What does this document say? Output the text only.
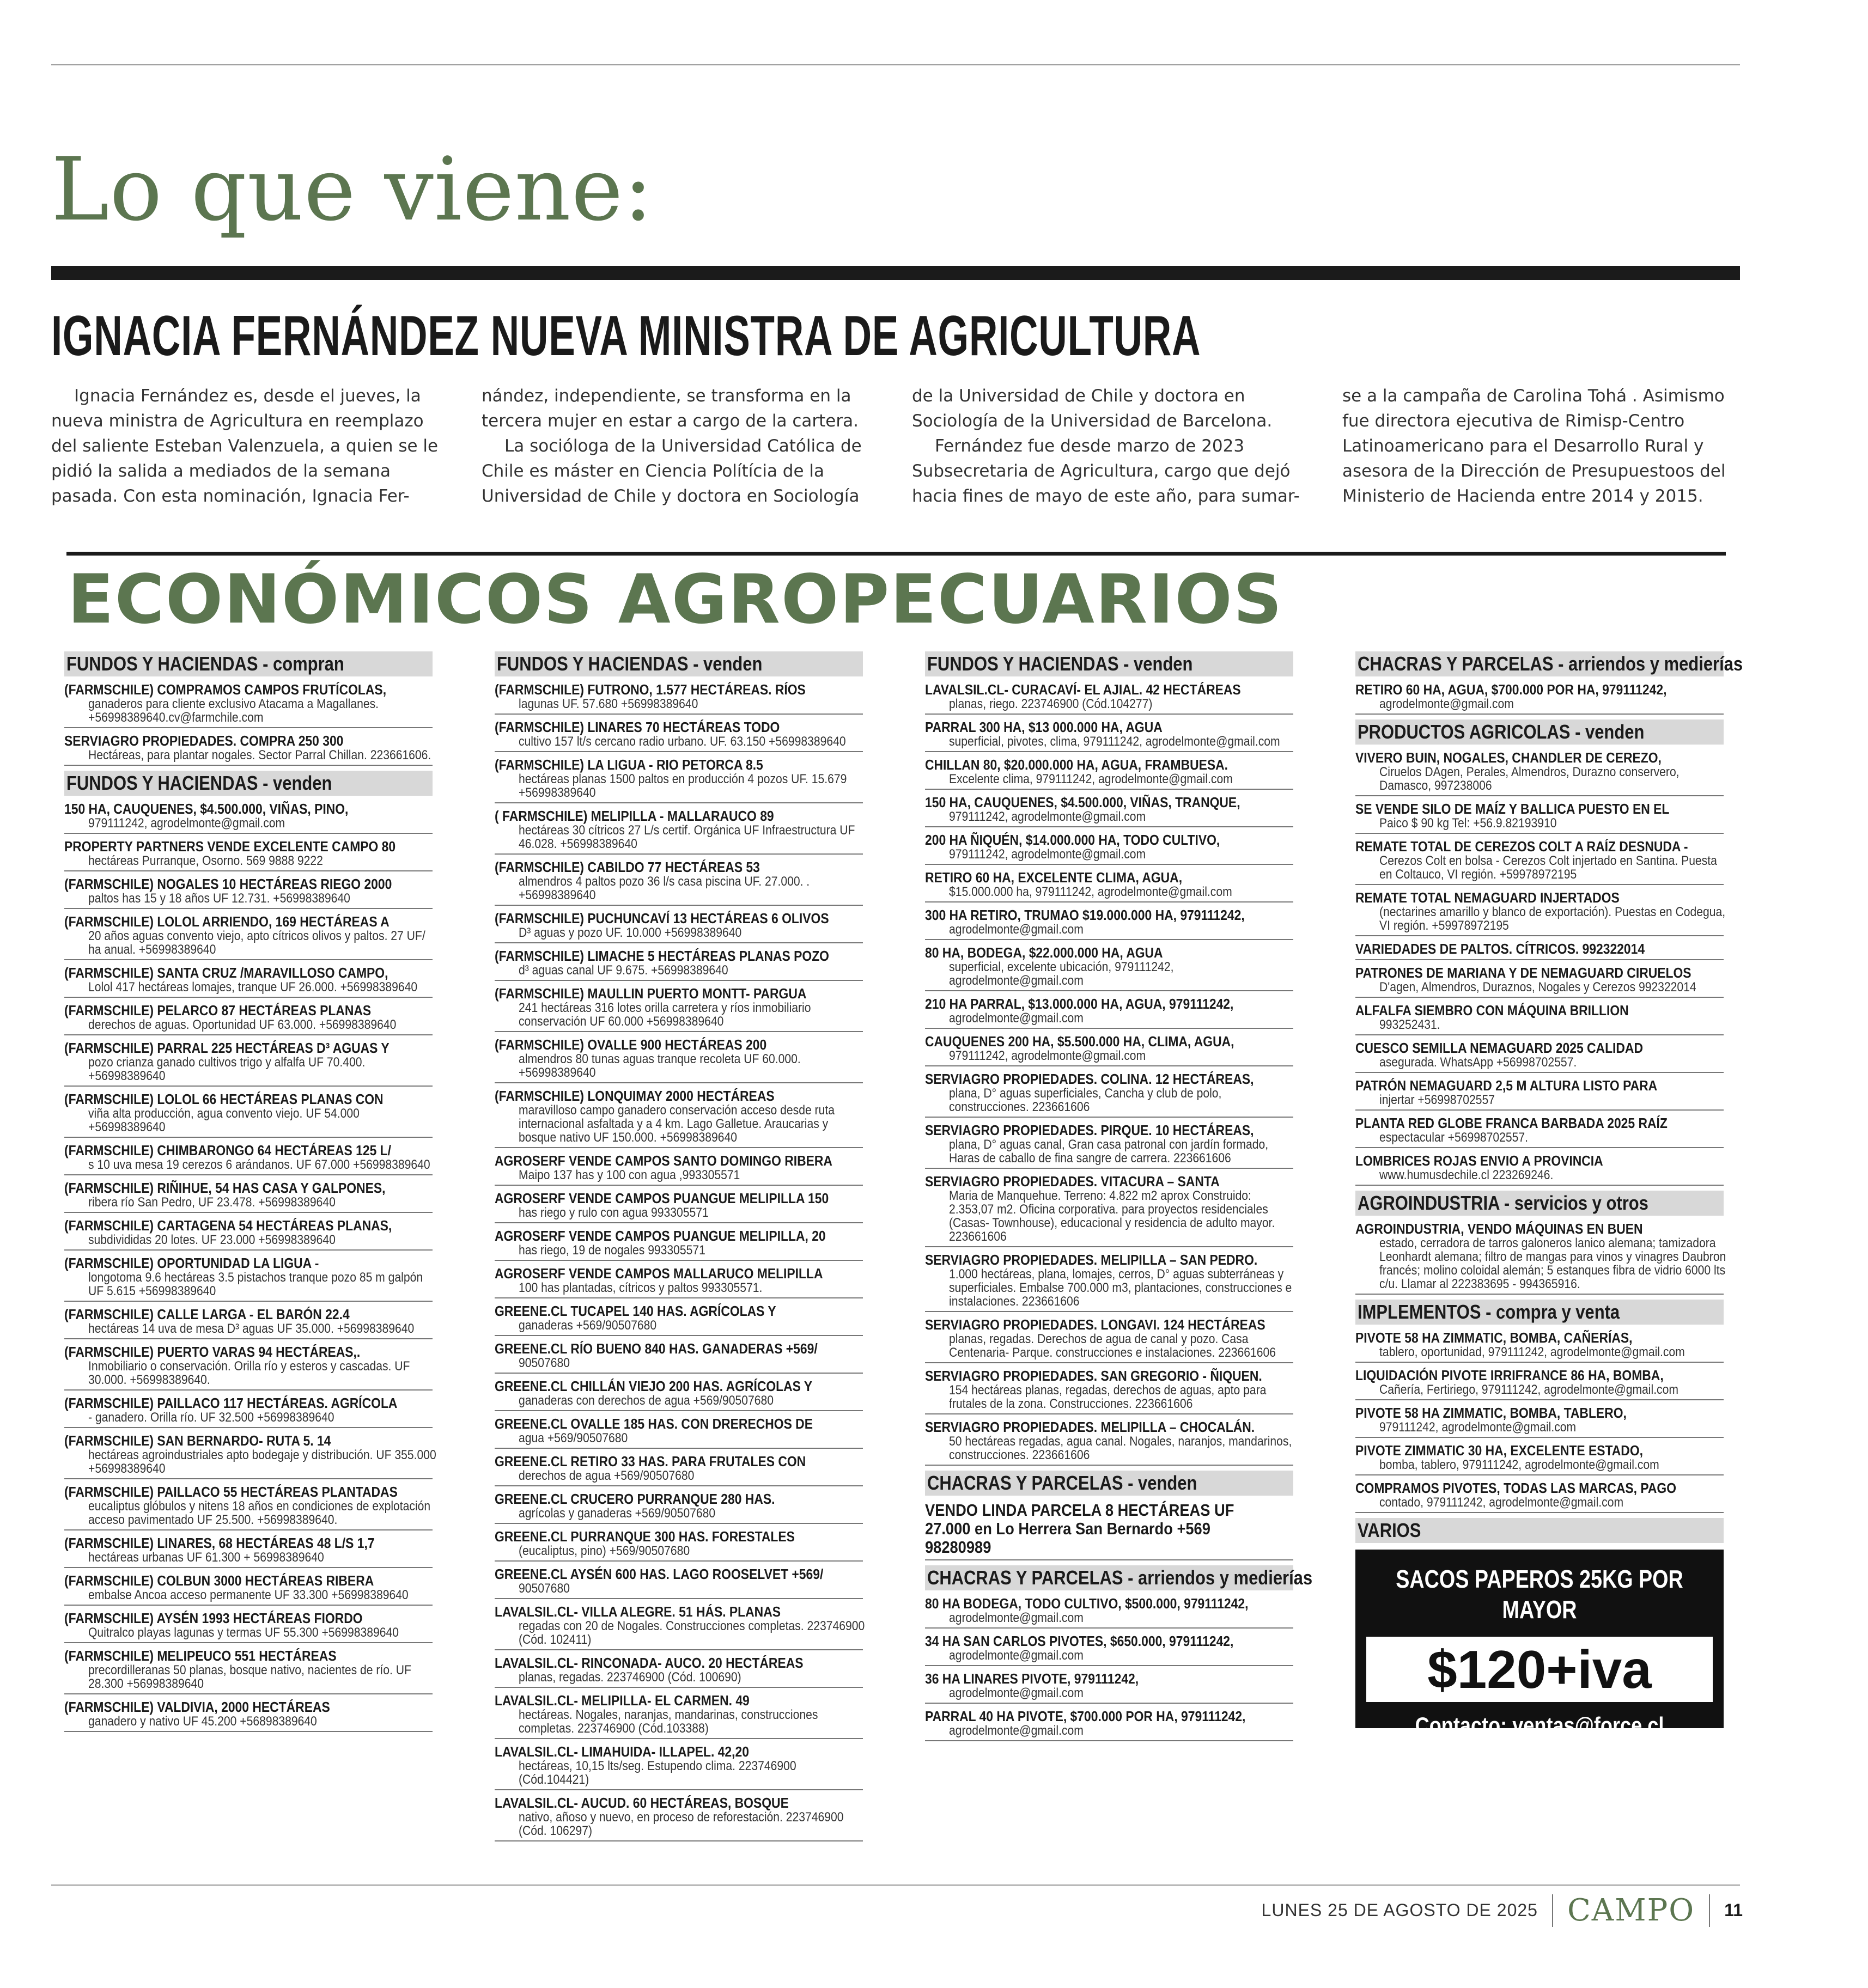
Lo que viene:
IGNACIA FERNÁNDEZ NUEVA MINISTRA DE AGRICULTURA

Ignacia Fernández es, desde el jueves, la nueva ministra de Agricultura en reemplazo del saliente Esteban Valenzuela, a quien se le pidió la salida a mediados de la semana pasada. Con esta nominación, Ignacia Fer-

nández, independiente, se transforma en la tercera mujer en estar a cargo de la cartera.

La socióloga de la Universidad Católica de Chile es máster en Ciencia Polítícia de la Universidad de Chile y doctora en Sociología

de la Universidad de Chile y doctora en Sociología de la Universidad de Barcelona.

Fernández fue desde marzo de 2023 Subsecretaria de Agricultura, cargo que dejó hacia fines de mayo de este año, para sumar-

se a la campaña de Carolina Tohá . Asimismo fue directora ejecutiva de Rimisp-Centro Latinoamericano para el Desarrollo Rural y asesora de la Dirección de Presupuestoos del Ministerio de Hacienda entre 2014 y 2015.

ECONÓMICOS AGROPECUARIOS
FUNDOS Y HACIENDAS - compran
(FARMSCHILE) COMPRAMOS CAMPOS FRUTÍCOLAS,
ganaderos para cliente exclusivo Atacama a Magallanes. +56998389640.cv@farmchile.com
SERVIAGRO PROPIEDADES. COMPRA 250 300
Hectáreas, para plantar nogales. Sector Parral Chillan. 223661606.
FUNDOS Y HACIENDAS - venden
150 HA, CAUQUENES, $4.500.000, VIÑAS, PINO,
979111242, agrodelmonte@gmail.com
PROPERTY PARTNERS VENDE EXCELENTE CAMPO 80
hectáreas Purranque, Osorno. 569 9888 9222
(FARMSCHILE) NOGALES 10 HECTÁREAS RIEGO 2000
paltos has 15 y 18 años UF 12.731. +56998389640
(FARMSCHILE) LOLOL ARRIENDO, 169 HECTÁREAS A
20 años aguas convento viejo, apto cítricos olivos y paltos. 27 UF/ ha anual. +56998389640
(FARMSCHILE) SANTA CRUZ /MARAVILLOSO CAMPO,
Lolol 417 hectáreas lomajes, tranque UF 26.000. +56998389640
(FARMSCHILE) PELARCO 87 HECTÁREAS PLANAS
derechos de aguas. Oportunidad UF 63.000. +56998389640
(FARMSCHILE) PARRAL 225 HECTÁREAS D³ AGUAS Y
pozo crianza ganado cultivos trigo y alfalfa UF 70.400. +56998389640
(FARMSCHILE) LOLOL 66 HECTÁREAS PLANAS CON
viña alta producción, agua convento viejo. UF 54.000 +56998389640
(FARMSCHILE) CHIMBARONGO 64 HECTÁREAS 125 L/
s 10 uva mesa 19 cerezos 6 arándanos. UF 67.000 +56998389640
(FARMSCHILE) RIÑIHUE, 54 HAS CASA Y GALPONES,
ribera río San Pedro, UF 23.478. +56998389640
(FARMSCHILE) CARTAGENA 54 HECTÁREAS PLANAS,
subdivididas 20 lotes. UF 23.000 +56998389640
(FARMSCHILE) OPORTUNIDAD LA LIGUA -
longotoma 9.6 hectáreas 3.5 pistachos tranque pozo 85 m galpón UF 5.615 +56998389640
(FARMSCHILE) CALLE LARGA - EL BARÓN 22.4
hectáreas 14 uva de mesa D³ aguas UF 35.000. +56998389640
(FARMSCHILE) PUERTO VARAS 94 HECTÁREAS,.
Inmobiliario o conservación. Orilla río y esteros y cascadas. UF 30.000. +56998389640.
(FARMSCHILE) PAILLACO 117 HECTÁREAS. AGRÍCOLA
- ganadero. Orilla río. UF 32.500 +56998389640
(FARMSCHILE) SAN BERNARDO- RUTA 5. 14
hectáreas agroindustriales apto bodegaje y distribución. UF 355.000 +56998389640
(FARMSCHILE) PAILLACO 55 HECTÁREAS PLANTADAS
eucaliptus glóbulos y nitens 18 años en condiciones de explotación acceso pavimentado UF 25.500. +56998389640.
(FARMSCHILE) LINARES, 68 HECTÁREAS 48 L/S 1,7
hectáreas urbanas UF 61.300 + 56998389640
(FARMSCHILE) COLBUN 3000 HECTÁREAS RIBERA
embalse Ancoa acceso permanente UF 33.300 +56998389640
(FARMSCHILE) AYSÉN 1993 HECTÁREAS FIORDO
Quitralco playas lagunas y termas UF 55.300 +56998389640
(FARMSCHILE) MELIPEUCO 551 HECTÁREAS
precordilleranas 50 planas, bosque nativo, nacientes de río. UF 28.300 +56998389640
(FARMSCHILE) VALDIVIA, 2000 HECTÁREAS
ganadero y nativo UF 45.200 +56898389640
FUNDOS Y HACIENDAS - venden
(FARMSCHILE) FUTRONO, 1.577 HECTÁREAS. RÍOS
lagunas UF. 57.680 +56998389640
(FARMSCHILE) LINARES 70 HECTÁREAS TODO
cultivo 157 lt/s cercano radio urbano. UF. 63.150 +56998389640
(FARMSCHILE) LA LIGUA - RIO PETORCA 8.5
hectáreas planas 1500 paltos en producción 4 pozos UF. 15.679 +56998389640
( FARMSCHILE) MELIPILLA - MALLARAUCO 89
hectáreas 30 cítricos 27 L/s certif. Orgánica UF Infraestructura UF 46.028. +56998389640
(FARMSCHILE) CABILDO 77 HECTÁREAS 53
almendros 4 paltos pozo 36 l/s casa piscina UF. 27.000. . +56998389640
(FARMSCHILE) PUCHUNCAVÍ 13 HECTÁREAS 6 OLIVOS
D³ aguas y pozo UF. 10.000 +56998389640
(FARMSCHILE) LIMACHE 5 HECTÁREAS PLANAS POZO
d³ aguas canal UF 9.675. +56998389640
(FARMSCHILE) MAULLIN PUERTO MONTT- PARGUA
241 hectáreas 316 lotes orilla carretera y ríos inmobiliario conservación UF 60.000 +56998389640
(FARMSCHILE) OVALLE 900 HECTÁREAS 200
almendros 80 tunas aguas tranque recoleta UF 60.000. +56998389640
(FARMSCHILE) LONQUIMAY 2000 HECTÁREAS
maravilloso campo ganadero conservación acceso desde ruta internacional asfaltada y a 4 km. Lago Galletue. Araucarias y bosque nativo UF 150.000. +56998389640
AGROSERF VENDE CAMPOS SANTO DOMINGO RIBERA
Maipo 137 has y 100 con agua ,993305571
AGROSERF VENDE CAMPOS PUANGUE MELIPILLA 150
has riego y rulo con agua 993305571
AGROSERF VENDE CAMPOS PUANGUE MELIPILLA, 20
has riego, 19 de nogales 993305571
AGROSERF VENDE CAMPOS MALLARUCO MELIPILLA
100 has plantadas, cítricos y paltos 993305571.
GREENE.CL TUCAPEL 140 HAS. AGRÍCOLAS Y
ganaderas +569/90507680
GREENE.CL RÍO BUENO 840 HAS. GANADERAS +569/
90507680
GREENE.CL CHILLÁN VIEJO 200 HAS. AGRÍCOLAS Y
ganaderas con derechos de agua +569/90507680
GREENE.CL OVALLE 185 HAS. CON DRERECHOS DE
agua +569/90507680
GREENE.CL RETIRO 33 HAS. PARA FRUTALES CON
derechos de agua +569/90507680
GREENE.CL CRUCERO PURRANQUE 280 HAS.
agrícolas y ganaderas +569/90507680
GREENE.CL PURRANQUE 300 HAS. FORESTALES
(eucaliptus, pino) +569/90507680
GREENE.CL AYSÉN 600 HAS. LAGO ROOSELVET +569/
90507680
LAVALSIL.CL- VILLA ALEGRE. 51 HÁS. PLANAS
regadas con 20 de Nogales. Construcciones completas. 223746900 (Cód. 102411)
LAVALSIL.CL- RINCONADA- AUCO. 20 HECTÁREAS
planas, regadas. 223746900 (Cód. 100690)
LAVALSIL.CL- MELIPILLA- EL CARMEN. 49
hectáreas. Nogales, naranjas, mandarinas, construcciones completas. 223746900 (Cód.103388)
LAVALSIL.CL- LIMAHUIDA- ILLAPEL. 42,20
hectáreas, 10,15 lts/seg. Estupendo clima. 223746900 (Cód.104421)
LAVALSIL.CL- AUCUD. 60 HECTÁREAS, BOSQUE
nativo, añoso y nuevo, en proceso de reforestación. 223746900 (Cód. 106297)
FUNDOS Y HACIENDAS - venden
LAVALSIL.CL- CURACAVÍ- EL AJIAL. 42 HECTÁREAS
planas, riego. 223746900 (Cód.104277)
PARRAL 300 HA, $13 000.000 HA, AGUA
superficial, pivotes, clima, 979111242, agrodelmonte@gmail.com
CHILLAN 80, $20.000.000 HA, AGUA, FRAMBUESA.
Excelente clima, 979111242, agrodelmonte@gmail.com
150 HA, CAUQUENES, $4.500.000, VIÑAS, TRANQUE,
979111242, agrodelmonte@gmail.com
200 HA ÑIQUÉN, $14.000.000 HA, TODO CULTIVO,
979111242, agrodelmonte@gmail.com
RETIRO 60 HA, EXCELENTE CLIMA, AGUA,
$15.000.000 ha, 979111242, agrodelmonte@gmail.com
300 HA RETIRO, TRUMAO $19.000.000 HA, 979111242,
agrodelmonte@gmail.com
80 HA, BODEGA, $22.000.000 HA, AGUA
superficial, excelente ubicación, 979111242, agrodelmonte@gmail.com
210 HA PARRAL, $13.000.000 HA, AGUA, 979111242,
agrodelmonte@gmail.com
CAUQUENES 200 HA, $5.500.000 HA, CLIMA, AGUA,
979111242, agrodelmonte@gmail.com
SERVIAGRO PROPIEDADES. COLINA. 12 HECTÁREAS,
plana, D° aguas superficiales, Cancha y club de polo, construcciones. 223661606
SERVIAGRO PROPIEDADES. PIRQUE. 10 HECTÁREAS,
plana, D° aguas canal, Gran casa patronal con jardín formado, Haras de caballo de fina sangre de carrera. 223661606
SERVIAGRO PROPIEDADES. VITACURA – SANTA
Maria de Manquehue. Terreno: 4.822 m2 aprox Construido: 2.353,07 m2. Oficina corporativa. para proyectos residenciales (Casas- Townhouse), educacional y residencia de adulto mayor. 223661606
SERVIAGRO PROPIEDADES. MELIPILLA – SAN PEDRO.
1.000 hectáreas, plana, lomajes, cerros, D° aguas subterráneas y superficiales. Embalse 700.000 m3, plantaciones, construcciones e instalaciones. 223661606
SERVIAGRO PROPIEDADES. LONGAVI. 124 HECTÁREAS
planas, regadas. Derechos de agua de canal y pozo. Casa Centenaria- Parque. construcciones e instalaciones. 223661606
SERVIAGRO PROPIEDADES. SAN GREGORIO - ÑIQUEN.
154 hectáreas planas, regadas, derechos de aguas, apto para frutales de la zona. Construcciones. 223661606
SERVIAGRO PROPIEDADES. MELIPILLA – CHOCALÁN.
50 hectáreas regadas, agua canal. Nogales, naranjos, mandarinos, construcciones. 223661606
CHACRAS Y PARCELAS - venden
VENDO LINDA PARCELA 8 HECTÁREAS UF 27.000 en Lo Herrera San Bernardo +569 98280989
CHACRAS Y PARCELAS - arriendos y medierías
80 HA BODEGA, TODO CULTIVO, $500.000, 979111242,
agrodelmonte@gmail.com
34 HA SAN CARLOS PIVOTES, $650.000, 979111242,
agrodelmonte@gmail.com
36 HA LINARES PIVOTE, 979111242,
agrodelmonte@gmail.com
PARRAL 40 HA PIVOTE, $700.000 POR HA, 979111242,
agrodelmonte@gmail.com
CHACRAS Y PARCELAS - arriendos y medierías
RETIRO 60 HA, AGUA, $700.000 POR HA, 979111242,
agrodelmonte@gmail.com
PRODUCTOS AGRICOLAS - venden
VIVERO BUIN, NOGALES, CHANDLER DE CEREZO,
Ciruelos DAgen, Perales, Almendros, Durazno conservero, Damasco, 997238006
SE VENDE SILO DE MAÍZ Y BALLICA PUESTO EN EL
Paico $ 90 kg Tel: +56.9.82193910
REMATE TOTAL DE CEREZOS COLT A RAÍZ DESNUDA -
Cerezos Colt en bolsa - Cerezos Colt injertado en Santina. Puesta en Coltauco, VI región. +59978972195
REMATE TOTAL NEMAGUARD INJERTADOS
(nectarines amarillo y blanco de exportación). Puestas en Codegua, VI región. +59978972195
VARIEDADES DE PALTOS. CÍTRICOS. 992322014
PATRONES DE MARIANA Y DE NEMAGUARD CIRUELOS
D'agen, Almendros, Duraznos, Nogales y Cerezos 992322014
ALFALFA SIEMBRO CON MÁQUINA BRILLION
993252431.
CUESCO SEMILLA NEMAGUARD 2025 CALIDAD
asegurada. WhatsApp +56998702557.
PATRÓN NEMAGUARD 2,5 M ALTURA LISTO PARA
injertar +56998702557
PLANTA RED GLOBE FRANCA BARBADA 2025 RAÍZ
espectacular +56998702557.
LOMBRICES ROJAS ENVIO A PROVINCIA
www.humusdechile.cl 223269246.
AGROINDUSTRIA - servicios y otros
AGROINDUSTRIA, VENDO MÁQUINAS EN BUEN
estado, cerradora de tarros galoneros lanico alemana; tamizadora Leonhardt alemana; filtro de mangas para vinos y vinagres Daubron francés; molino coloidal alemán; 5 estanques fibra de vidrio 6000 lts c/u. Llamar al 222383695 - 994365916.
IMPLEMENTOS - compra y venta
PIVOTE 58 HA ZIMMATIC, BOMBA, CAÑERÍAS,
tablero, oportunidad, 979111242, agrodelmonte@gmail.com
LIQUIDACIÓN PIVOTE IRRIFRANCE 86 HA, BOMBA,
Cañería, Fertiriego, 979111242, agrodelmonte@gmail.com
PIVOTE 58 HA ZIMMATIC, BOMBA, TABLERO,
979111242, agrodelmonte@gmail.com
PIVOTE ZIMMATIC 30 HA, EXCELENTE ESTADO,
bomba, tablero, 979111242, agrodelmonte@gmail.com
COMPRAMOS PIVOTES, TODAS LAS MARCAS, PAGO
contado, 979111242, agrodelmonte@gmail.com
VARIOS
SACOS PAPEROS 25KG POR MAYOR
$120+iva
Contacto: ventas@force.cl
fono +569 4547 3443
LUNES 25 DE AGOSTO DE 2025 CAMPO 11
